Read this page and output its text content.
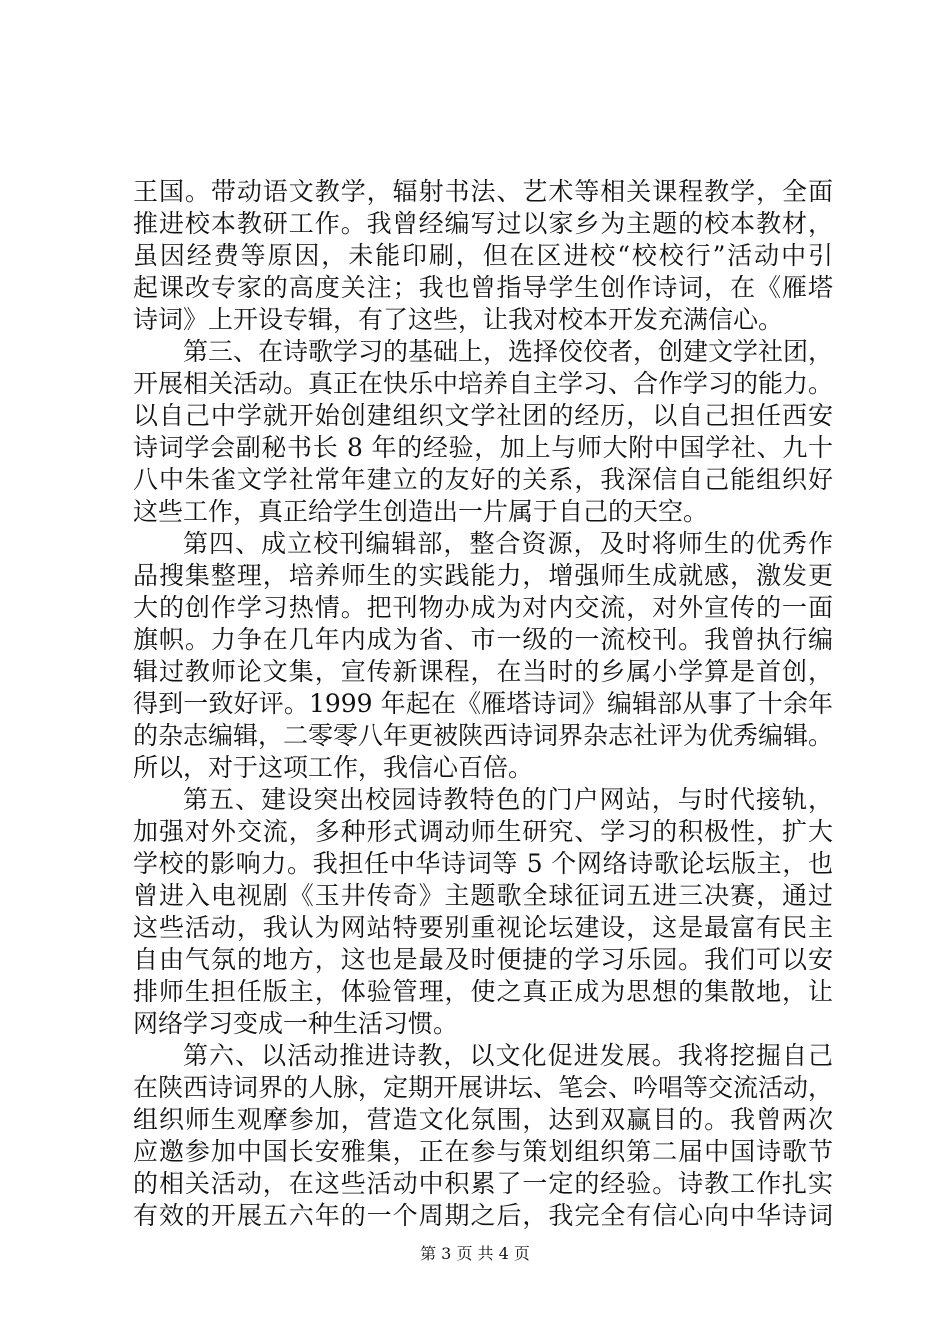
王国。带动语文教学，辐射书法、艺术等相关课程教学，全面
推进校本教研工作。我曾经编写过以家乡为主题的校本教材，
虽因经费等原因，未能印刷，但在区进校“校校行”活动中引
起课改专家的高度关注；我也曾指导学生创作诗词，在《雁塔
诗词》上开设专辑，有了这些，让我对校本开发充满信心。
第三、在诗歌学习的基础上，选择佼佼者，创建文学社团，
开展相关活动。真正在快乐中培养自主学习、合作学习的能力。
以自己中学就开始创建组织文学社团的经历，以自己担任西安
诗词学会副秘书长 8 年的经验，加上与师大附中国学社、九十
八中朱雀文学社常年建立的友好的关系，我深信自己能组织好
这些工作，真正给学生创造出一片属于自己的天空。
第四、成立校刊编辑部，整合资源，及时将师生的优秀作
品搜集整理，培养师生的实践能力，增强师生成就感，激发更
大的创作学习热情。把刊物办成为对内交流，对外宣传的一面
旗帜。力争在几年内成为省、市一级的一流校刊。我曾执行编
辑过教师论文集，宣传新课程，在当时的乡属小学算是首创，
得到一致好评。1999 年起在《雁塔诗词》编辑部从事了十余年
的杂志编辑，二零零八年更被陕西诗词界杂志社评为优秀编辑。
所以，对于这项工作，我信心百倍。
第五、建设突出校园诗教特色的门户网站，与时代接轨，
加强对外交流，多种形式调动师生研究、学习的积极性，扩大
学校的影响力。我担任中华诗词等 5 个网络诗歌论坛版主，也
曾进入电视剧《玉井传奇》主题歌全球征词五进三决赛，通过
这些活动，我认为网站特要别重视论坛建设，这是最富有民主
自由气氛的地方，这也是最及时便捷的学习乐园。我们可以安
排师生担任版主，体验管理，使之真正成为思想的集散地，让
网络学习变成一种生活习惯。
第六、以活动推进诗教，以文化促进发展。我将挖掘自己
在陕西诗词界的人脉，定期开展讲坛、笔会、吟唱等交流活动，
组织师生观摩参加，营造文化氛围，达到双赢目的。我曾两次
应邀参加中国长安雅集，正在参与策划组织第二届中国诗歌节
的相关活动，在这些活动中积累了一定的经验。诗教工作扎实
有效的开展五六年的一个周期之后，我完全有信心向中华诗词
第 3 页 共 4 页
